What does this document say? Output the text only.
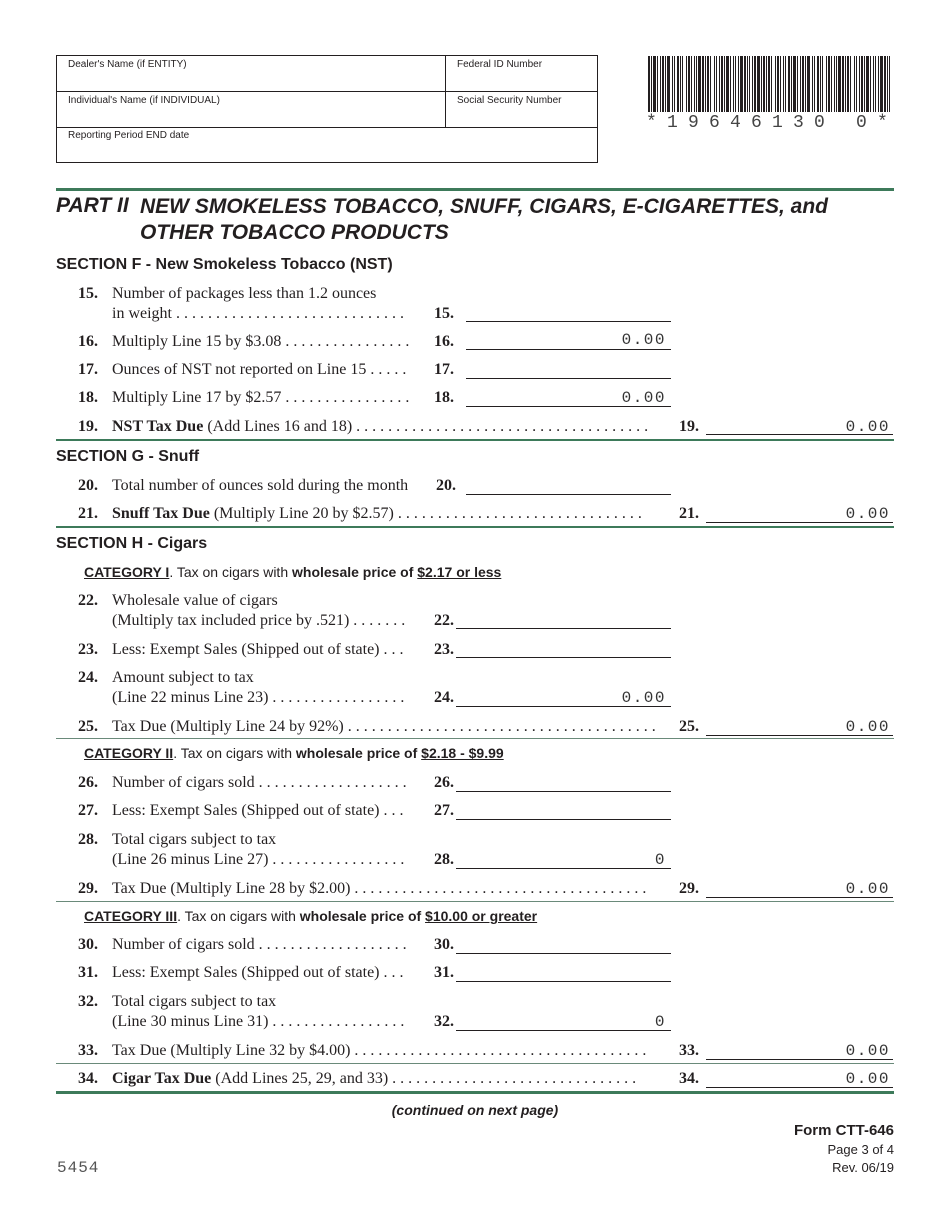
Dealer's Name (if ENTITY)	Federal ID Number
Individual's Name (if INDIVIDUAL)	Social Security Number
Reporting Period END date
*19646130 0*
PART II NEW SMOKELESS TOBACCO, SNUFF, CIGARS, E-CIGARETTES, and OTHER TOBACCO PRODUCTS
SECTION F - New Smokeless Tobacco (NST)
15. Number of packages less than 1.2 ounces
in weight . . . . . . . . . . . . . . . . . . . . . . . . . . . . . 15.
16. Multiply Line 15 by $3.08 . . . . . . . . . . . . . . . . 16.	0.00
17. Ounces of NST not reported on Line 15 . . . . . 17.
18. Multiply Line 17 by $2.57 . . . . . . . . . . . . . . . . 18.	0.00
19. NST Tax Due (Add Lines 16 and 18) . . . . . . . . . . . . . . . . . . . . . . . . . . . . . . . . . . . . . 19.	0.00
SECTION G - Snuff
20. Total number of ounces sold during the month 20.
21. Snuff Tax Due (Multiply Line 20 by $2.57) . . . . . . . . . . . . . . . . . . . . . . . . . . . . . . . 21.	0.00
SECTION H - Cigars
CATEGORY I. Tax on cigars with wholesale price of $2.17 or less
22. Wholesale value of cigars
(Multiply tax included price by .521) . . . . . . . 22.
23. Less: Exempt Sales (Shipped out of state) . . . 23.
24. Amount subject to tax
(Line 22 minus Line 23) . . . . . . . . . . . . . . . . . 24.	0.00
25. Tax Due (Multiply Line 24 by 92%) . . . . . . . . . . . . . . . . . . . . . . . . . . . . . . . . . . . . . . . 25.	0.00
CATEGORY II. Tax on cigars with wholesale price of $2.18 - $9.99
26. Number of cigars sold . . . . . . . . . . . . . . . . . . . 26.
27. Less: Exempt Sales (Shipped out of state) . . . 27.
28. Total cigars subject to tax
(Line 26 minus Line 27) . . . . . . . . . . . . . . . . . 28.	0
29. Tax Due (Multiply Line 28 by $2.00) . . . . . . . . . . . . . . . . . . . . . . . . . . . . . . . . . . . . . 29.	0.00
CATEGORY III. Tax on cigars with wholesale price of $10.00 or greater
30. Number of cigars sold . . . . . . . . . . . . . . . . . . . 30.
31. Less: Exempt Sales (Shipped out of state) . . . 31.
32. Total cigars subject to tax
(Line 30 minus Line 31) . . . . . . . . . . . . . . . . . 32.	0
33. Tax Due (Multiply Line 32 by $4.00) . . . . . . . . . . . . . . . . . . . . . . . . . . . . . . . . . . . . . 33.	0.00
34. Cigar Tax Due (Add Lines 25, 29, and 33) . . . . . . . . . . . . . . . . . . . . . . . . . . . . . . .	34.	0.00
(continued on next page)
Form CTT-646
Page 3 of 4
Rev. 06/19
5454
